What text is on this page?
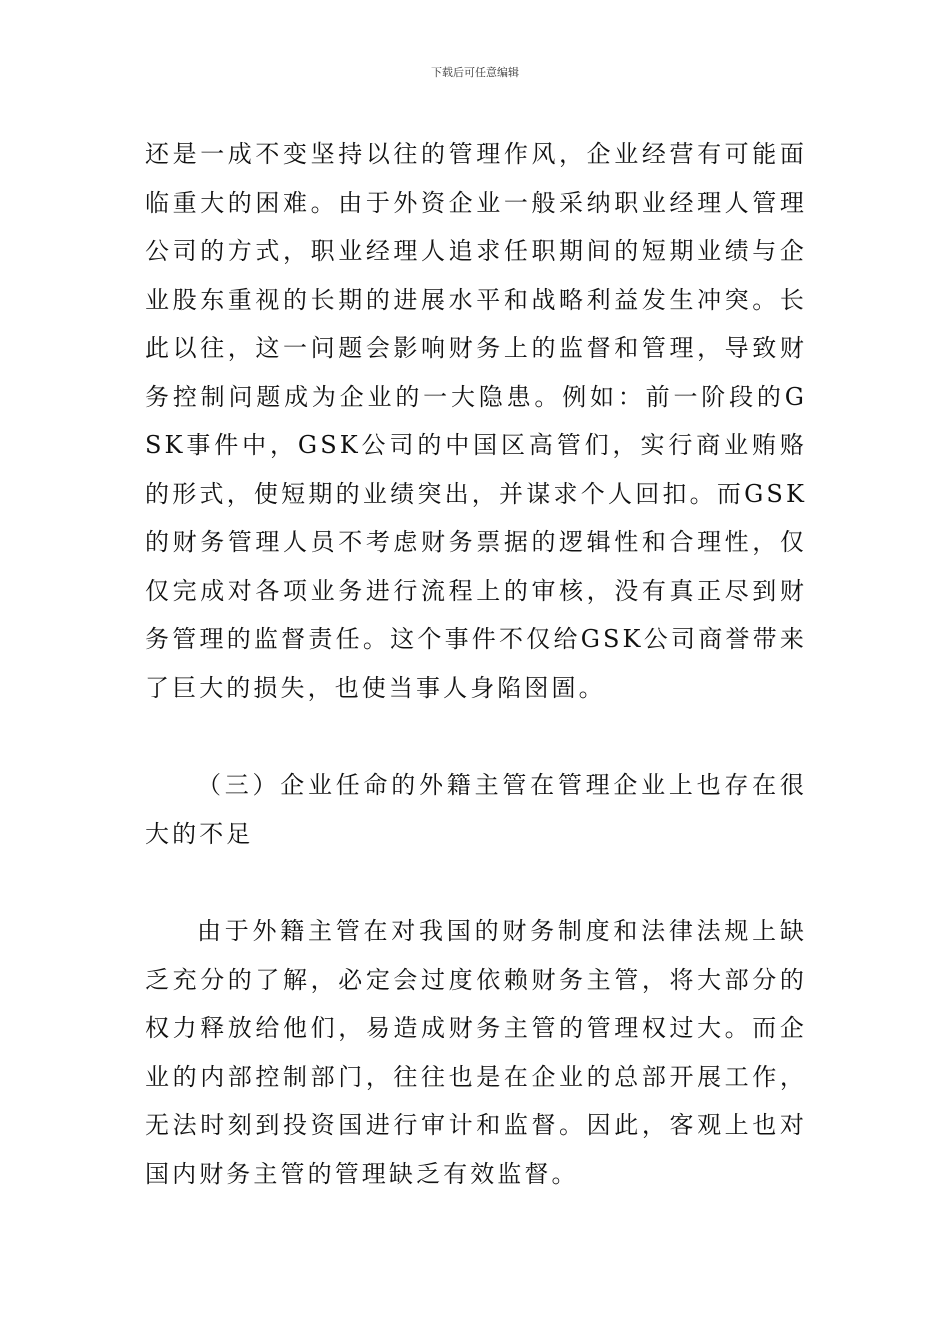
下载后可任意编辑

还是一成不变坚持以往的管理作风，企业经营有可能面临重大的困难。由于外资企业一般采纳职业经理人管理公司的方式，职业经理人追求任职期间的短期业绩与企业股东重视的长期的进展水平和战略利益发生冲突。长此以往，这一问题会影响财务上的监督和管理，导致财务控制问题成为企业的一大隐患。例如：前一阶段的GSK事件中，GSK公司的中国区高管们，实行商业贿赂的形式，使短期的业绩突出，并谋求个人回扣。而GSK的财务管理人员不考虑财务票据的逻辑性和合理性，仅仅完成对各项业务进行流程上的审核，没有真正尽到财务管理的监督责任。这个事件不仅给GSK公司商誉带来了巨大的损失，也使当事人身陷囹圄。

（三）企业任命的外籍主管在管理企业上也存在很大的不足

由于外籍主管在对我国的财务制度和法律法规上缺乏充分的了解，必定会过度依赖财务主管，将大部分的权力释放给他们，易造成财务主管的管理权过大。而企业的内部控制部门，往往也是在企业的总部开展工作，无法时刻到投资国进行审计和监督。因此，客观上也对国内财务主管的管理缺乏有效监督。
